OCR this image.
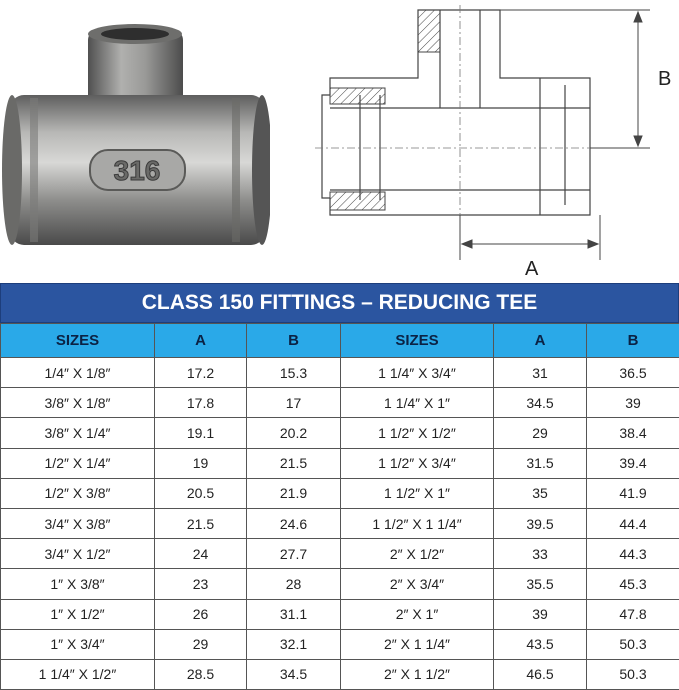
316
B
A
CLASS 150 FITTINGS – REDUCING TEE
SIZES	A	B	SIZES	A	B
1/4″ X 1/8″	17.2	15.3	1 1/4″ X 3/4″	31	36.5
3/8″ X 1/8″	17.8	17	1 1/4″ X 1″	34.5	39
3/8″ X 1/4″	19.1	20.2	1 1/2″ X 1/2″	29	38.4
1/2″ X 1/4″	19	21.5	1 1/2″ X 3/4″	31.5	39.4
1/2″ X 3/8″	20.5	21.9	1 1/2″ X 1″	35	41.9
3/4″ X 3/8″	21.5	24.6	1 1/2″ X 1 1/4″	39.5	44.4
3/4″ X 1/2″	24	27.7	2″ X 1/2″	33	44.3
1″ X 3/8″	23	28	2″ X 3/4″	35.5	45.3
1″ X 1/2″	26	31.1	2″ X 1″	39	47.8
1″ X 3/4″	29	32.1	2″ X 1 1/4″	43.5	50.3
1 1/4″ X 1/2″	28.5	34.5	2″ X 1 1/2″	46.5	50.3
